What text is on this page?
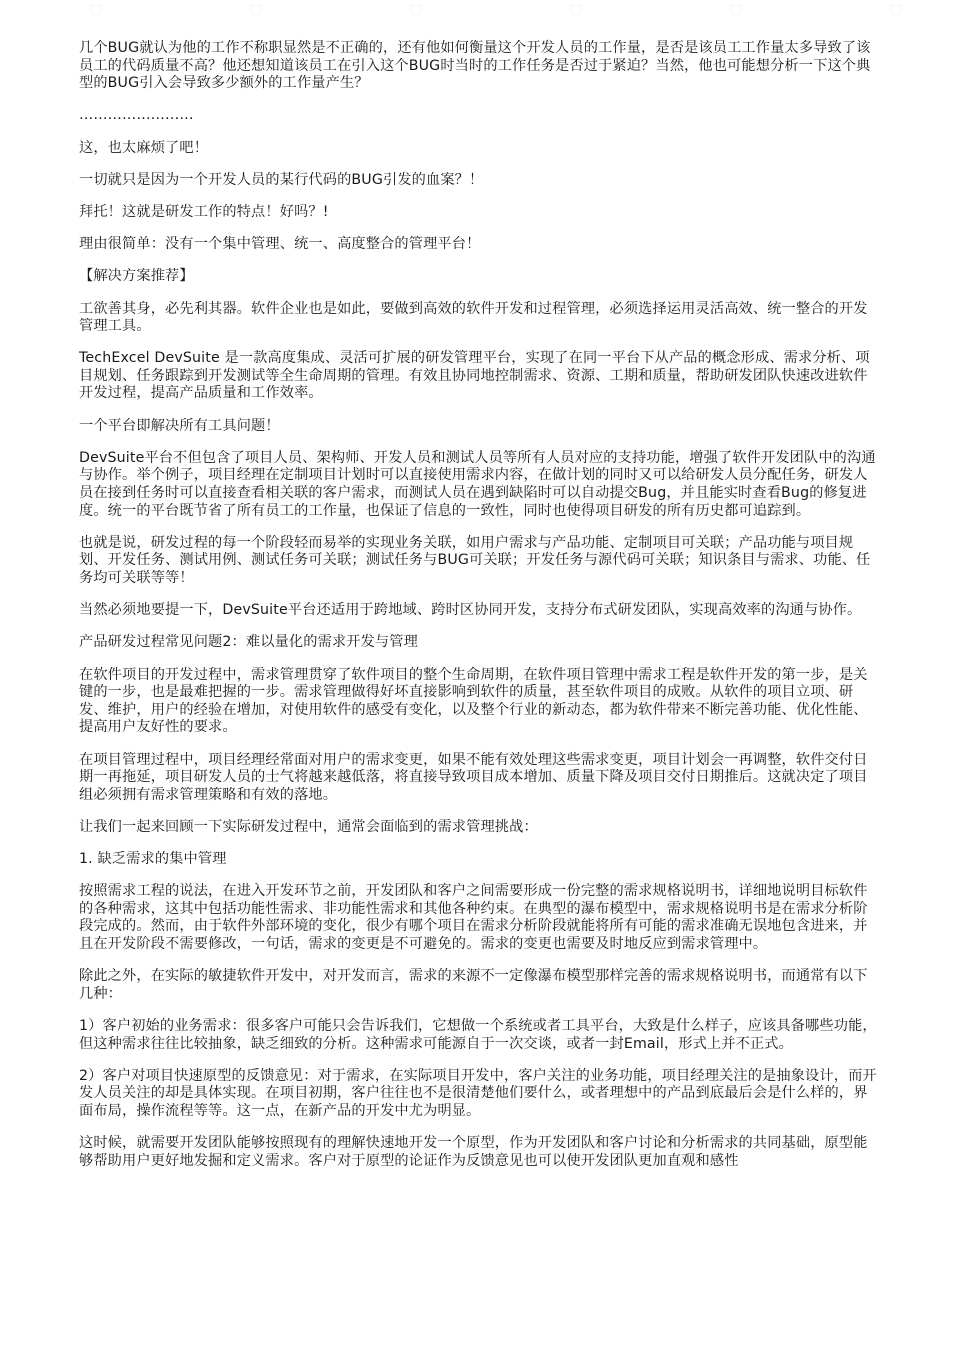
▢	▢	▢	▢	▢	▢

几个BUG就认为他的工作不称职显然是不正确的，还有他如何衡量这个开发人员的工作量，是否是该员工工作量太多导致了该员工的代码质量不高？他还想知道该员工在引入这个BUG时当时的工作任务是否过于紧迫？当然，他也可能想分析一下这个典型的BUG引入会导致多少额外的工作量产生？

……………………

这，也太麻烦了吧！

一切就只是因为一个开发人员的某行代码的BUG引发的血案？！

拜托！这就是研发工作的特点！好吗？!

理由很简单：没有一个集中管理、统一、高度整合的管理平台！

【解决方案推荐】

工欲善其身，必先利其器。软件企业也是如此，要做到高效的软件开发和过程管理，必须选择运用灵活高效、统一整合的开发管理工具。

TechExcel DevSuite 是一款高度集成、灵活可扩展的研发管理平台，实现了在同一平台下从产品的概念形成、需求分析、项目规划、任务跟踪到开发测试等全生命周期的管理。有效且协同地控制需求、资源、工期和质量，帮助研发团队快速改进软件开发过程，提高产品质量和工作效率。

一个平台即解决所有工具问题！

DevSuite平台不但包含了项目人员、架构师、开发人员和测试人员等所有人员对应的支持功能，增强了软件开发团队中的沟通与协作。举个例子，项目经理在定制项目计划时可以直接使用需求内容，在做计划的同时又可以给研发人员分配任务，研发人员在接到任务时可以直接查看相关联的客户需求，而测试人员在遇到缺陷时可以自动提交Bug，并且能实时查看Bug的修复进度。统一的平台既节省了所有员工的工作量，也保证了信息的一致性，同时也使得项目研发的所有历史都可追踪到。

也就是说，研发过程的每一个阶段轻而易举的实现业务关联，如用户需求与产品功能、定制项目可关联；产品功能与项目规划、开发任务、测试用例、测试任务可关联；测试任务与BUG可关联；开发任务与源代码可关联；知识条目与需求、功能、任务均可关联等等！

当然必须地要提一下，DevSuite平台还适用于跨地域、跨时区协同开发，支持分布式研发团队，实现高效率的沟通与协作。

产品研发过程常见问题2：难以量化的需求开发与管理

在软件项目的开发过程中，需求管理贯穿了软件项目的整个生命周期，在软件项目管理中需求工程是软件开发的第一步，是关键的一步，也是最难把握的一步。需求管理做得好坏直接影响到软件的质量，甚至软件项目的成败。从软件的项目立项、研发、维护，用户的经验在增加，对使用软件的感受有变化，以及整个行业的新动态，都为软件带来不断完善功能、优化性能、提高用户友好性的要求。

在项目管理过程中，项目经理经常面对用户的需求变更，如果不能有效处理这些需求变更，项目计划会一再调整，软件交付日期一再拖延，项目研发人员的士气将越来越低落，将直接导致项目成本增加、质量下降及项目交付日期推后。这就决定了项目组必须拥有需求管理策略和有效的落地。

让我们一起来回顾一下实际研发过程中，通常会面临到的需求管理挑战：

1. 缺乏需求的集中管理

按照需求工程的说法，在进入开发环节之前，开发团队和客户之间需要形成一份完整的需求规格说明书，详细地说明目标软件的各种需求，这其中包括功能性需求、非功能性需求和其他各种约束。在典型的瀑布模型中，需求规格说明书是在需求分析阶段完成的。然而，由于软件外部环境的变化，很少有哪个项目在需求分析阶段就能将所有可能的需求准确无误地包含进来，并且在开发阶段不需要修改，一句话，需求的变更是不可避免的。需求的变更也需要及时地反应到需求管理中。

除此之外，在实际的敏捷软件开发中，对开发而言，需求的来源不一定像瀑布模型那样完善的需求规格说明书，而通常有以下几种：

1）客户初始的业务需求：很多客户可能只会告诉我们，它想做一个系统或者工具平台，大致是什么样子，应该具备哪些功能，但这种需求往往比较抽象，缺乏细致的分析。这种需求可能源自于一次交谈，或者一封Email，形式上并不正式。

2）客户对项目快速原型的反馈意见：对于需求，在实际项目开发中，客户关注的业务功能，项目经理关注的是抽象设计，而开发人员关注的却是具体实现。在项目初期，客户往往也不是很清楚他们要什么，或者理想中的产品到底最后会是什么样的，界面布局，操作流程等等。这一点，在新产品的开发中尤为明显。

这时候，就需要开发团队能够按照现有的理解快速地开发一个原型，作为开发团队和客户讨论和分析需求的共同基础，原型能够帮助用户更好地发掘和定义需求。客户对于原型的论证作为反馈意见也可以使开发团队更加直观和感性
